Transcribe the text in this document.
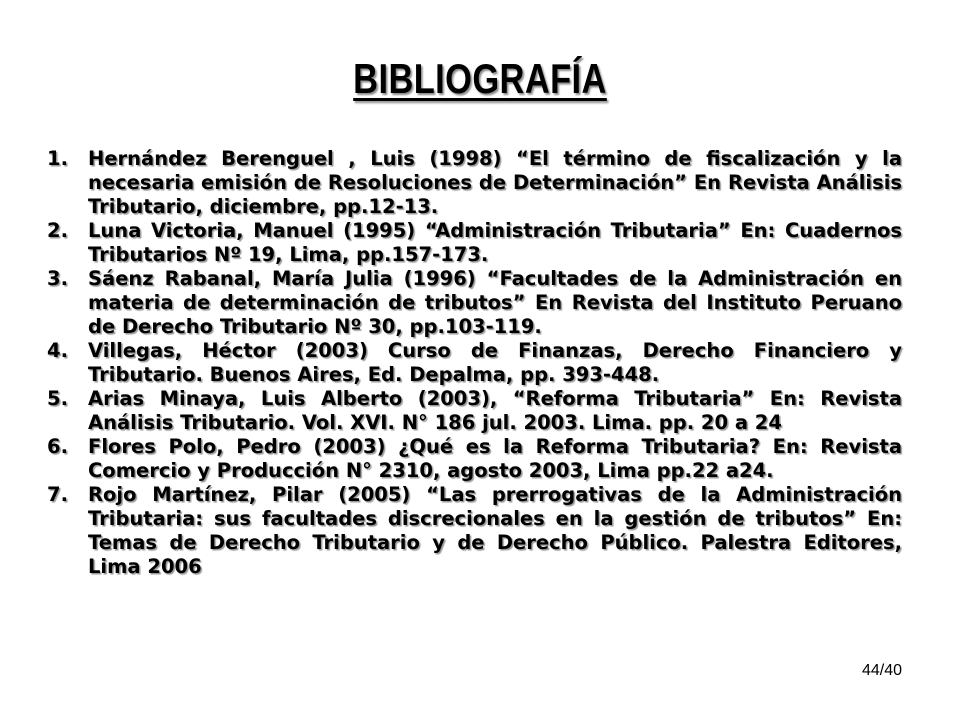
BIBLIOGRAFÍA
1. Hernández Berenguel , Luis (1998) “El término de fiscalización y la necesaria emisión de Resoluciones de Determinación” En Revista Análisis Tributario, diciembre, pp.12-13.
2. Luna Victoria, Manuel (1995) “Administración Tributaria” En: Cuadernos Tributarios Nº 19, Lima, pp.157-173.
3. Sáenz Rabanal, María Julia (1996) “Facultades de la Administración en materia de determinación de tributos” En Revista del Instituto Peruano de Derecho Tributario Nº 30, pp.103-119.
4. Villegas, Héctor (2003) Curso de Finanzas, Derecho Financiero y Tributario. Buenos Aires, Ed. Depalma, pp. 393-448.
5. Arias Minaya, Luis Alberto (2003), “Reforma Tributaria” En: Revista Análisis Tributario. Vol. XVI. N° 186 jul. 2003. Lima. pp. 20 a 24
6. Flores Polo, Pedro (2003) ¿Qué es la Reforma Tributaria? En: Revista Comercio y Producción N° 2310, agosto 2003, Lima pp.22 a24.
7. Rojo Martínez, Pilar (2005) “Las prerrogativas de la Administración Tributaria: sus facultades discrecionales en la gestión de tributos” En: Temas de Derecho Tributario y de Derecho Público. Palestra Editores, Lima 2006
44/40
